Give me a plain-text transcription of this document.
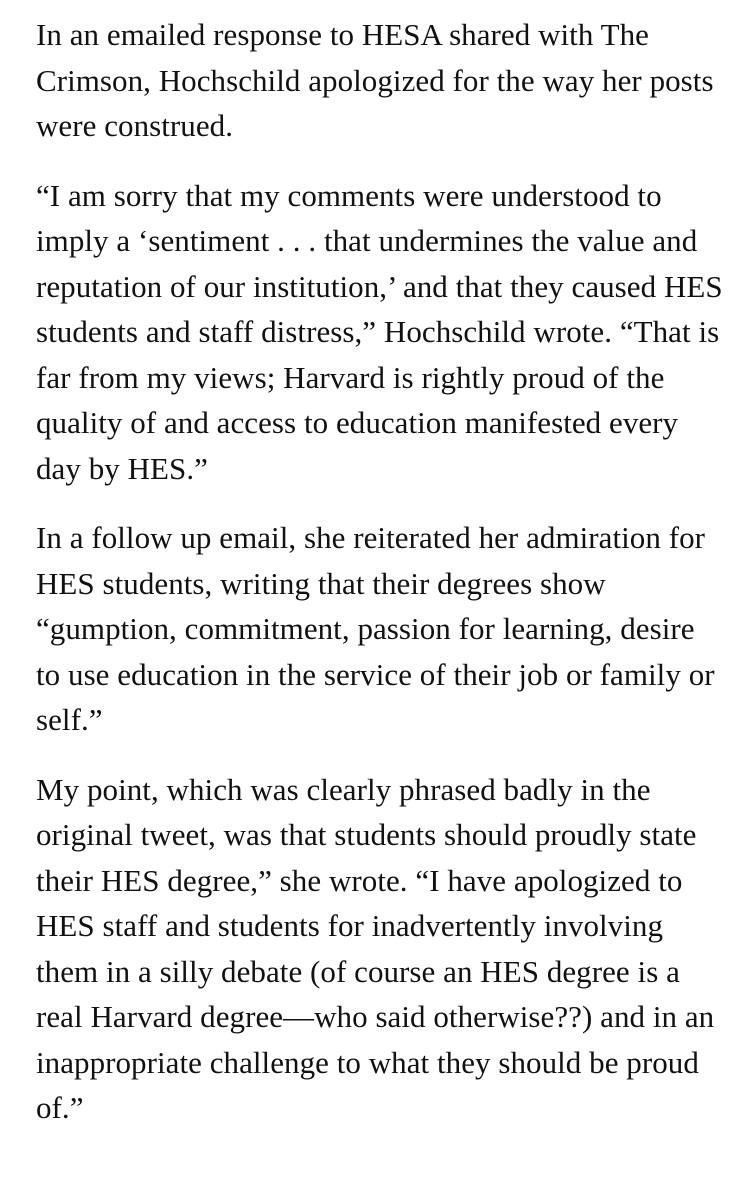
In an emailed response to HESA shared with The Crimson, Hochschild apologized for the way her posts were construed.

“I am sorry that my comments were understood to imply a ‘sentiment . . . that undermines the value and reputation of our institution,’ and that they caused HES students and staff distress,” Hochschild wrote. “That is far from my views; Harvard is rightly proud of the quality of and access to education manifested every day by HES.”

In a follow up email, she reiterated her admiration for HES students, writing that their degrees show “gumption, commitment, passion for learning, desire to use education in the service of their job or family or self.”

My point, which was clearly phrased badly in the original tweet, was that students should proudly state their HES degree,” she wrote. “I have apologized to HES staff and students for inadvertently involving them in a silly debate (of course an HES degree is a real Harvard degree—who said otherwise??) and in an inappropriate challenge to what they should be proud of.”
